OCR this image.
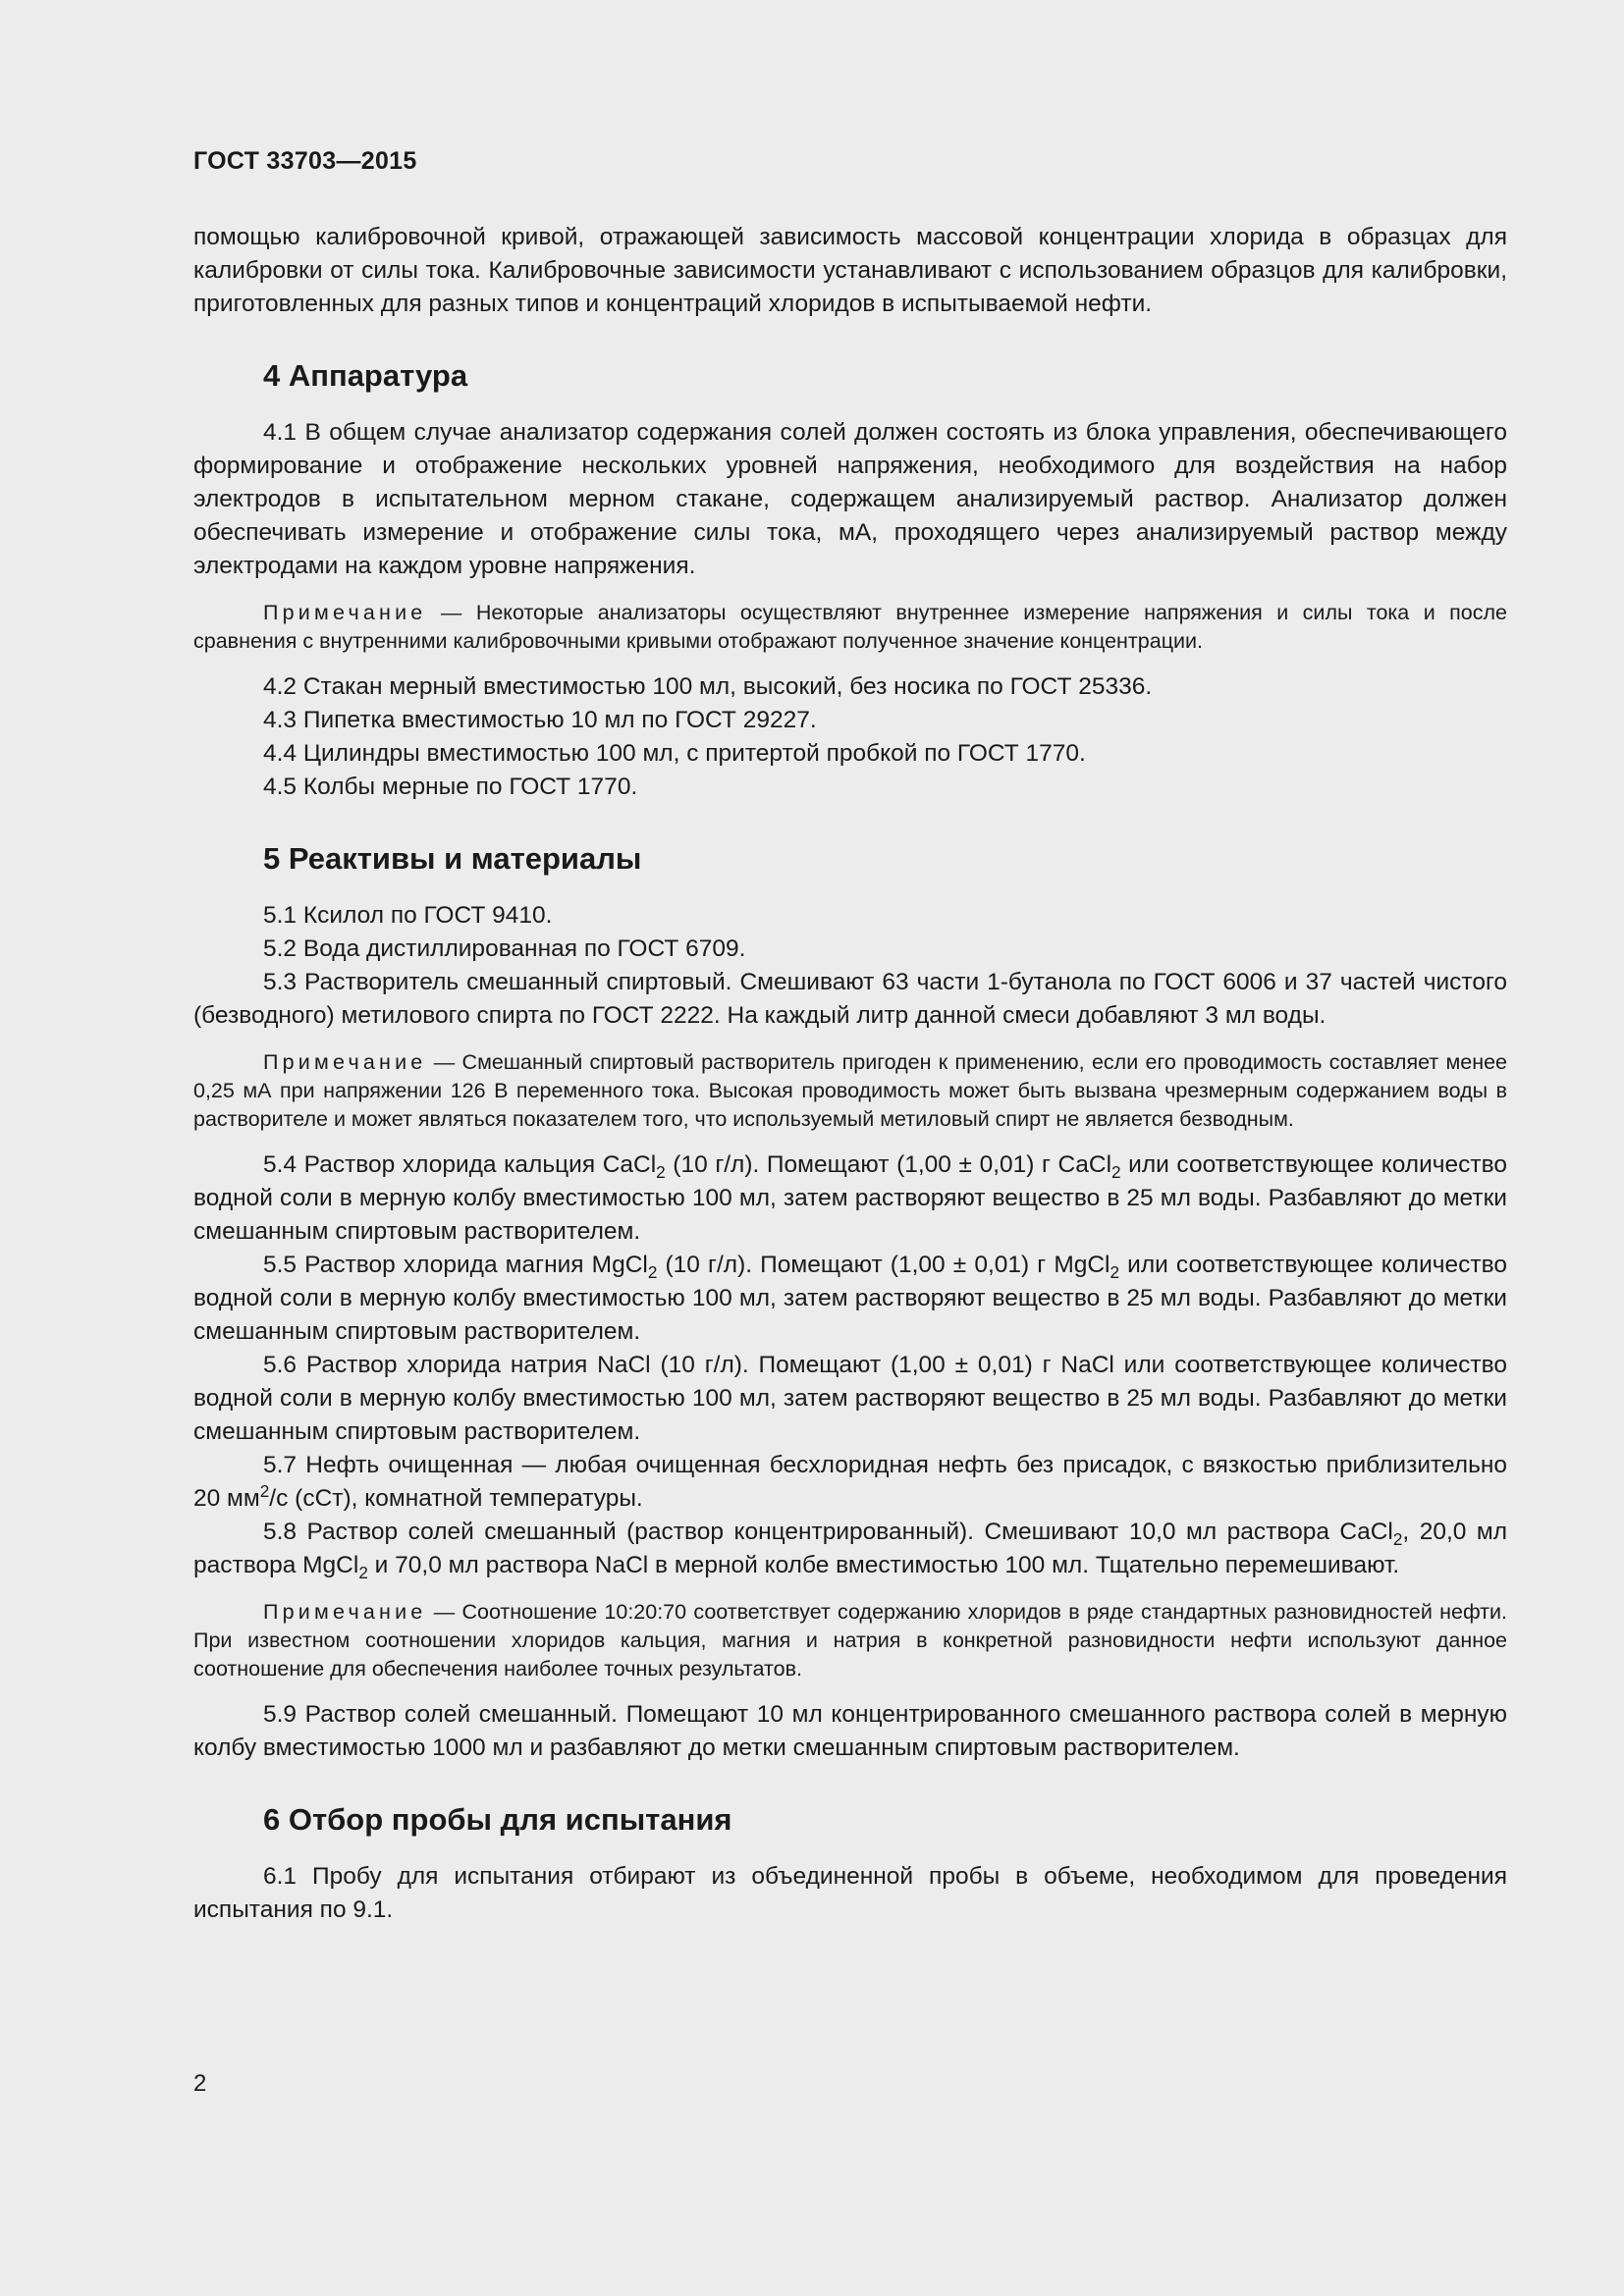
ГОСТ 33703—2015

помощью калибровочной кривой, отражающей зависимость массовой концентрации хлорида в образцах для калибровки от силы тока. Калибровочные зависимости устанавливают с использованием образцов для калибровки, приготовленных для разных типов и концентраций хлоридов в испытываемой нефти.

4 Аппаратура

4.1 В общем случае анализатор содержания солей должен состоять из блока управления, обеспечивающего формирование и отображение нескольких уровней напряжения, необходимого для воздействия на набор электродов в испытательном мерном стакане, содержащем анализируемый раствор. Анализатор должен обеспечивать измерение и отображение силы тока, мА, проходящего через анализируемый раствор между электродами на каждом уровне напряжения.

Примечание — Некоторые анализаторы осуществляют внутреннее измерение напряжения и силы тока и после сравнения с внутренними калибровочными кривыми отображают полученное значение концентрации.

4.2 Стакан мерный вместимостью 100 мл, высокий, без носика по ГОСТ 25336.

4.3 Пипетка вместимостью 10 мл по ГОСТ 29227.

4.4 Цилиндры вместимостью 100 мл, с притертой пробкой по ГОСТ 1770.

4.5 Колбы мерные по ГОСТ 1770.

5 Реактивы и материалы

5.1 Ксилол по ГОСТ 9410.

5.2 Вода дистиллированная по ГОСТ 6709.

5.3 Растворитель смешанный спиртовый. Смешивают 63 части 1-бутанола по ГОСТ 6006 и 37 частей чистого (безводного) метилового спирта по ГОСТ 2222. На каждый литр данной смеси добавляют 3 мл воды.

Примечание — Смешанный спиртовый растворитель пригоден к применению, если его проводимость составляет менее 0,25 мА при напряжении 126 В переменного тока. Высокая проводимость может быть вызвана чрезмерным содержанием воды в растворителе и может являться показателем того, что используемый метиловый спирт не является безводным.

5.4 Раствор хлорида кальция CaCl$_2$ (10 г/л). Помещают (1,00 ± 0,01) г CaCl$_2$ или соответствующее количество водной соли в мерную колбу вместимостью 100 мл, затем растворяют вещество в 25 мл воды. Разбавляют до метки смешанным спиртовым растворителем.

5.5 Раствор хлорида магния MgCl$_2$ (10 г/л). Помещают (1,00 ± 0,01) г MgCl$_2$ или соответствующее количество водной соли в мерную колбу вместимостью 100 мл, затем растворяют вещество в 25 мл воды. Разбавляют до метки смешанным спиртовым растворителем.

5.6 Раствор хлорида натрия NaCl (10 г/л). Помещают (1,00 ± 0,01) г NaCl или соответствующее количество водной соли в мерную колбу вместимостью 100 мл, затем растворяют вещество в 25 мл воды. Разбавляют до метки смешанным спиртовым растворителем.

5.7 Нефть очищенная — любая очищенная бесхлоридная нефть без присадок, с вязкостью приблизительно 20 $мм^2/с$ (сСт), комнатной температуры.

5.8 Раствор солей смешанный (раствор концентрированный). Смешивают 10,0 мл раствора CaCl$_2$, 20,0 мл раствора MgCl$_2$ и 70,0 мл раствора NaCl в мерной колбе вместимостью 100 мл. Тщательно перемешивают.

Примечание — Соотношение 10:20:70 соответствует содержанию хлоридов в ряде стандартных разновидностей нефти. При известном соотношении хлоридов кальция, магния и натрия в конкретной разновидности нефти используют данное соотношение для обеспечения наиболее точных результатов.

5.9 Раствор солей смешанный. Помещают 10 мл концентрированного смешанного раствора солей в мерную колбу вместимостью 1000 мл и разбавляют до метки смешанным спиртовым растворителем.

6 Отбор пробы для испытания

6.1 Пробу для испытания отбирают из объединенной пробы в объеме, необходимом для проведения испытания по 9.1.

2
